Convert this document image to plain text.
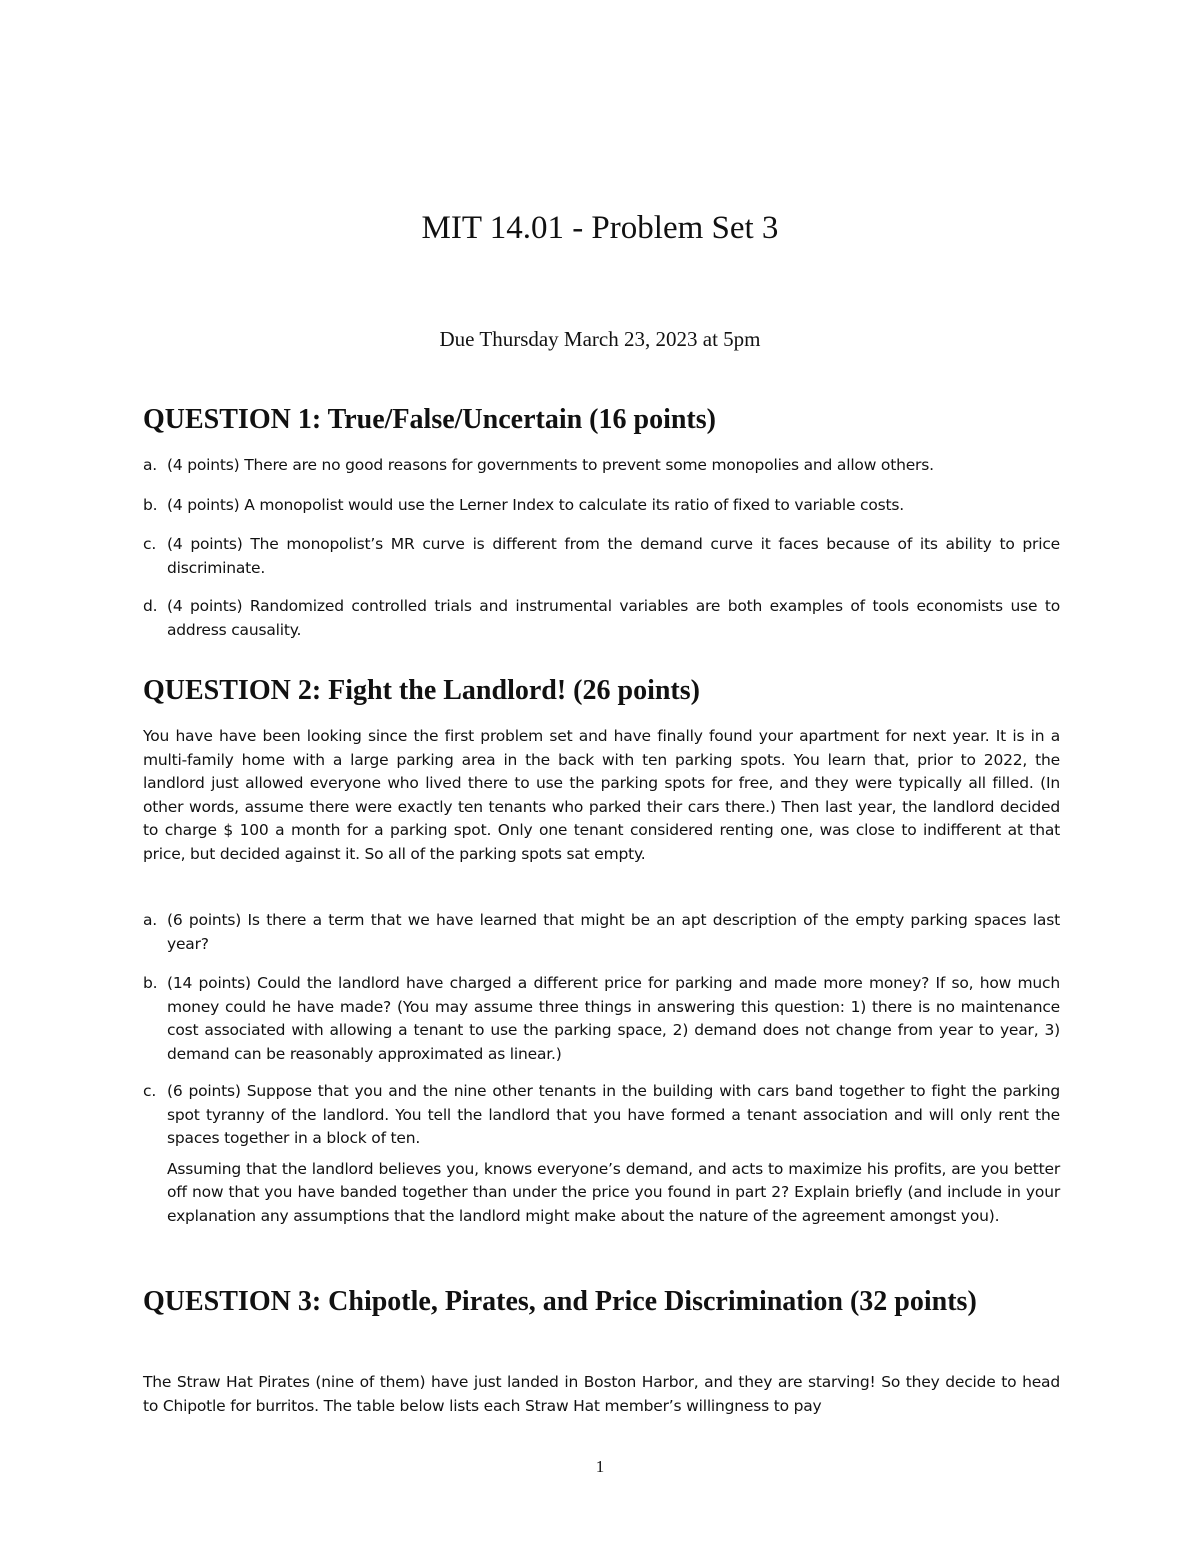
MIT 14.01 - Problem Set 3

Due Thursday March 23, 2023 at 5pm

QUESTION 1: True/False/Uncertain (16 points)
a. (4 points) There are no good reasons for governments to prevent some monopolies and allow others.
b. (4 points) A monopolist would use the Lerner Index to calculate its ratio of fixed to variable costs.
c. (4 points) The monopolist’s MR curve is different from the demand curve it faces because of its ability to price discriminate.
d. (4 points) Randomized controlled trials and instrumental variables are both examples of tools economists use to address causality.
QUESTION 2: Fight the Landlord! (26 points)

You have have been looking since the first problem set and have finally found your apartment for next year. It is in a multi-family home with a large parking area in the back with ten parking spots. You learn that, prior to 2022, the landlord just allowed everyone who lived there to use the parking spots for free, and they were typically all filled. (In other words, assume there were exactly ten tenants who parked their cars there.) Then last year, the landlord decided to charge $ 100 a month for a parking spot. Only one tenant considered renting one, was close to indifferent at that price, but decided against it. So all of the parking spots sat empty.

a. (6 points) Is there a term that we have learned that might be an apt description of the empty parking spaces last year?
b. (14 points) Could the landlord have charged a different price for parking and made more money? If so, how much money could he have made? (You may assume three things in answering this question: 1) there is no maintenance cost associated with allowing a tenant to use the parking space, 2) demand does not change from year to year, 3) demand can be reasonably approximated as linear.)
c. (6 points) Suppose that you and the nine other tenants in the building with cars band together to fight the parking spot tyranny of the landlord. You tell the landlord that you have formed a tenant association and will only rent the spaces together in a block of ten.
Assuming that the landlord believes you, knows everyone’s demand, and acts to maximize his profits, are you better off now that you have banded together than under the price you found in part 2? Explain briefly (and include in your explanation any assumptions that the landlord might make about the nature of the agreement amongst you).
QUESTION 3: Chipotle, Pirates, and Price Discrimination (32 points)

The Straw Hat Pirates (nine of them) have just landed in Boston Harbor, and they are starving! So they decide to head to Chipotle for burritos. The table below lists each Straw Hat member’s willingness to pay

1
